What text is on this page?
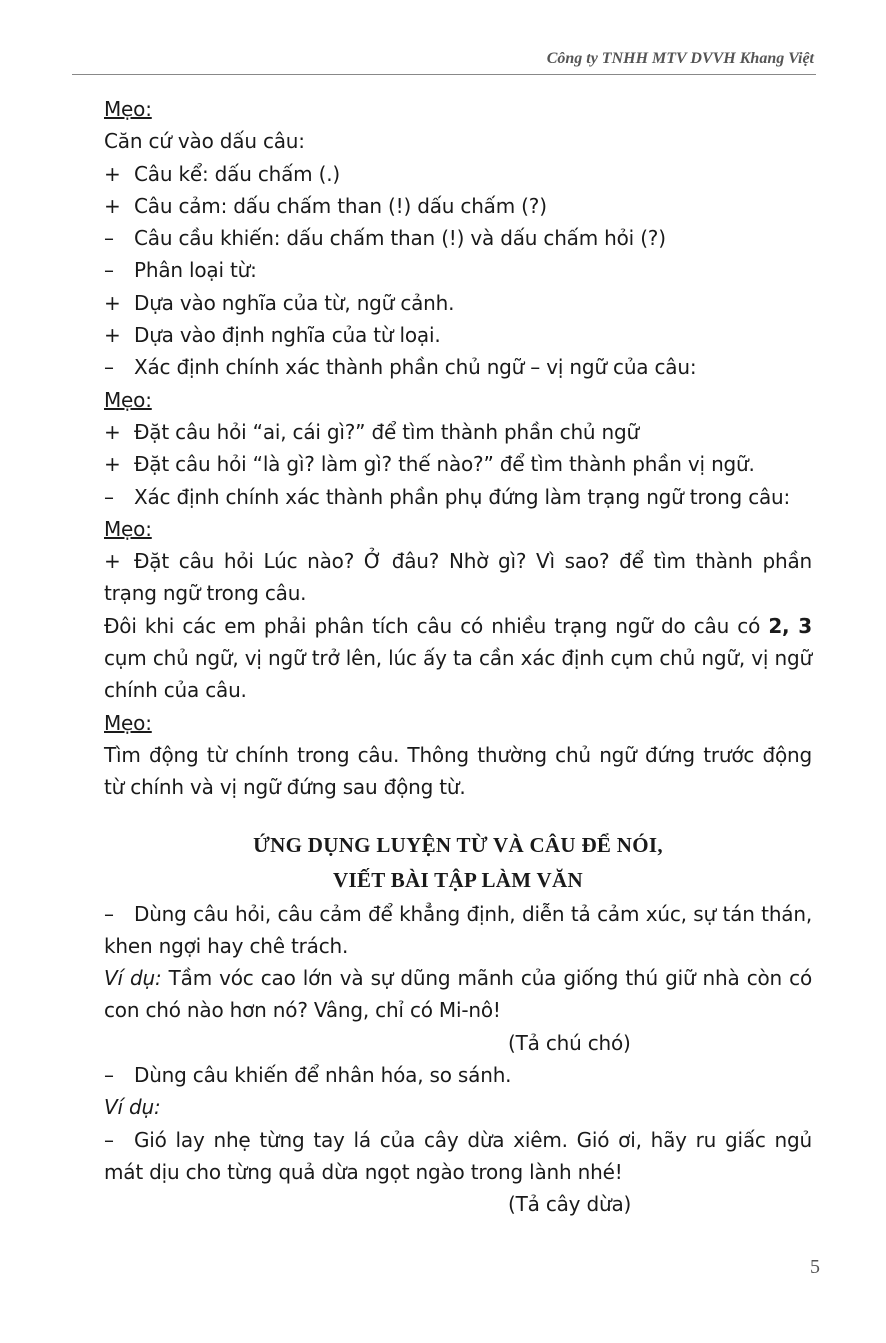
Công ty TNHH MTV DVVH Khang Việt
Mẹo:
Căn cứ vào dấu câu:
+ Câu kể: dấu chấm (.)
+ Câu cảm: dấu chấm than (!) dấu chấm (?)
–	Câu cầu khiến: dấu chấm than (!) và dấu chấm hỏi (?)
–	Phân loại từ:
+ Dựa vào nghĩa của từ, ngữ cảnh.
+ Dựa vào định nghĩa của từ loại.
–	Xác định chính xác thành phần chủ ngữ – vị ngữ của câu:
Mẹo:
+ Đặt câu hỏi “ai, cái gì?” để tìm thành phần chủ ngữ
+ Đặt câu hỏi “là gì? làm gì? thế nào?” để tìm thành phần vị ngữ.
–	Xác định chính xác thành phần phụ đứng làm trạng ngữ trong câu:
Mẹo:
+ Đặt câu hỏi Lúc nào? Ở đâu? Nhờ gì? Vì sao? để tìm thành phần trạng ngữ trong câu.
Đôi khi các em phải phân tích câu có nhiều trạng ngữ do câu có 2, 3 cụm chủ ngữ, vị ngữ trở lên, lúc ấy ta cần xác định cụm chủ ngữ, vị ngữ chính của câu.
Mẹo:
Tìm động từ chính trong câu. Thông thường chủ ngữ đứng trước động từ chính và vị ngữ đứng sau động từ.
ỨNG DỤNG LUYỆN TỪ VÀ CÂU ĐỂ NÓI,
VIẾT BÀI TẬP LÀM VĂN
– Dùng câu hỏi, câu cảm để khẳng định, diễn tả cảm xúc, sự tán thán, khen ngợi hay chê trách.
Ví dụ: Tầm vóc cao lớn và sự dũng mãnh của giống thú giữ nhà còn có con chó nào hơn nó? Vâng, chỉ có Mi-nô!
(Tả chú chó)
–	Dùng câu khiến để nhân hóa, so sánh.
Ví dụ:
– Gió lay nhẹ từng tay lá của cây dừa xiêm. Gió ơi, hãy ru giấc ngủ mát dịu cho từng quả dừa ngọt ngào trong lành nhé!
(Tả cây dừa)
5
